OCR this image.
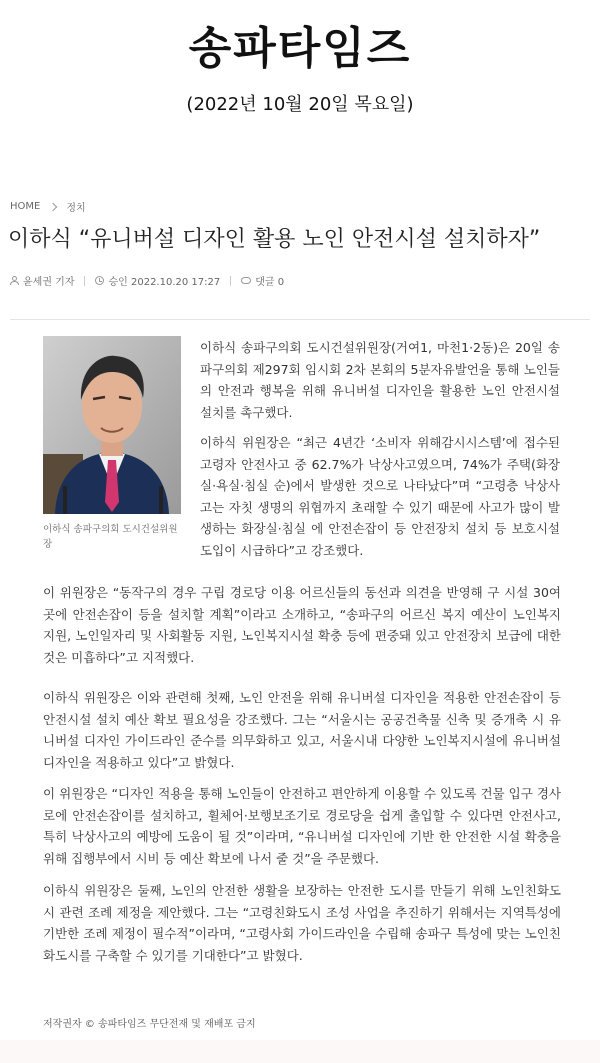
송파타임즈
(2022년 10월 20일 목요일)
HOME	정치
이하식 “유니버설 디자인 활용 노인 안전시설 설치하자”
윤세권 기자	승인 2022.10.20 17:27	댓글 0
이하식 송파구의회 도시건설위원장
이하식 송파구의회 도시건설위원장(거여1, 마천1·2동)은 20일 송파구의회 제297회 임시회 2차 본회의 5분자유발언을 통해 노인들의 안전과 행복을 위해 유니버설 디자인을 활용한 노인 안전시설 설치를 촉구했다.
이하식 위원장은 “최근 4년간 ‘소비자 위해감시시스템’에 접수된 고령자 안전사고 중 62.7%가 낙상사고였으며, 74%가 주택(화장실·욕실·침실 순)에서 발생한 것으로 나타났다”며 “고령층 낙상사고는 자칫 생명의 위협까지 초래할 수 있기 때문에 사고가 많이 발생하는 화장실·침실 에 안전손잡이 등 안전장치 설치 등 보호시설 도입이 시급하다”고 강조했다.
이 위원장은 “동작구의 경우 구립 경로당 이용 어르신들의 동선과 의견을 반영해 구 시설 30여 곳에 안전손잡이 등을 설치할 계획”이라고 소개하고, “송파구의 어르신 복지 예산이 노인복지 지원, 노인일자리 및 사회활동 지원, 노인복지시설 확충 등에 편중돼 있고 안전장치 보급에 대한 것은 미흡하다”고 지적했다.
이하식 위원장은 이와 관련해 첫째, 노인 안전을 위해 유니버설 디자인을 적용한 안전손잡이 등 안전시설 설치 예산 확보 필요성을 강조했다. 그는 “서울시는 공공건축물 신축 및 증개축 시 유니버설 디자인 가이드라인 준수를 의무화하고 있고, 서울시내 다양한 노인복지시설에 유니버설 디자인을 적용하고 있다”고 밝혔다.
이 위원장은 “디자인 적용을 통해 노인들이 안전하고 편안하게 이용할 수 있도록 건물 입구 경사로에 안전손잡이를 설치하고, 휠체어·보행보조기로 경로당을 쉽게 출입할 수 있다면 안전사고, 특히 낙상사고의 예방에 도움이 될 것”이라며, “유니버설 디자인에 기반 한 안전한 시설 확충을 위해 집행부에서 시비 등 예산 확보에 나서 줄 것”을 주문했다.
이하식 위원장은 둘째, 노인의 안전한 생활을 보장하는 안전한 도시를 만들기 위해 노인친화도시 관련 조례 제정을 제안했다. 그는 “고령친화도시 조성 사업을 추진하기 위해서는 지역특성에 기반한 조례 제정이 필수적”이라며, “고령사회 가이드라인을 수립해 송파구 특성에 맞는 노인친화도시를 구축할 수 있기를 기대한다”고 밝혔다.
저작권자 © 송파타임즈 무단전재 및 재배포 금지
